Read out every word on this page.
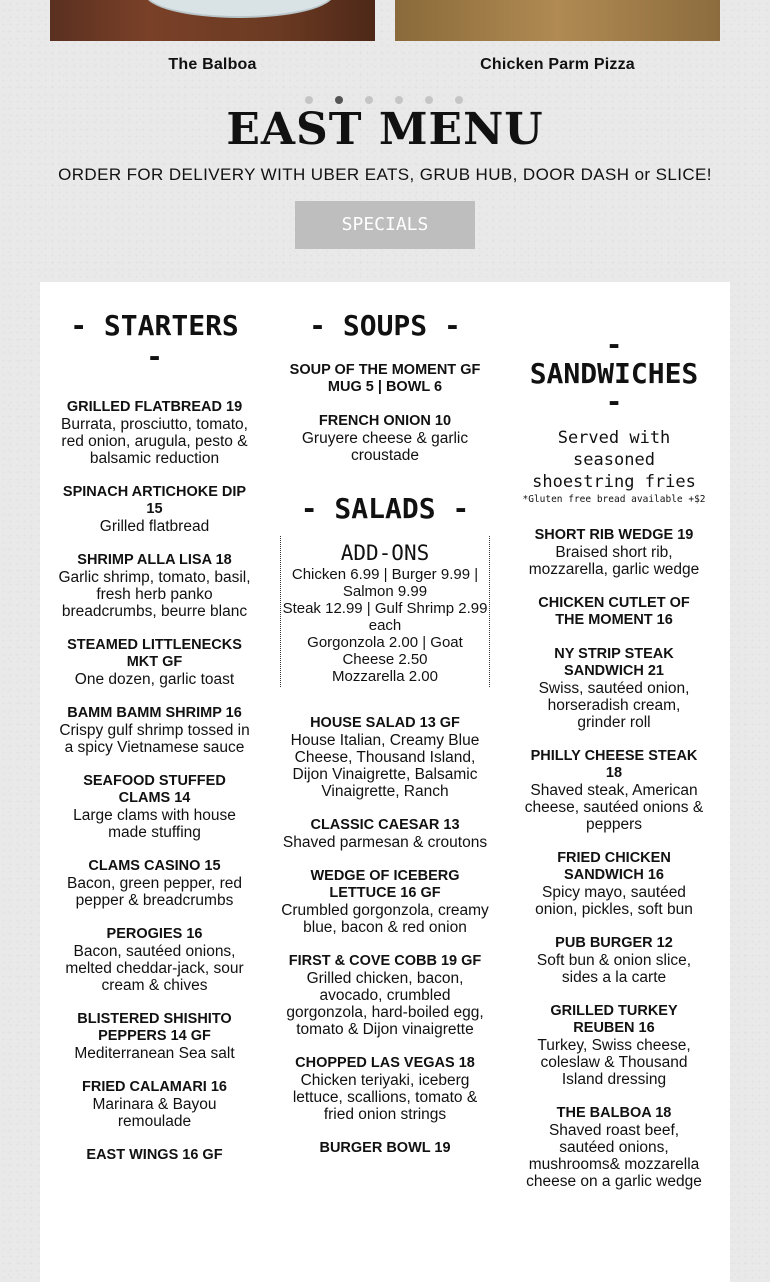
The Balboa	Chicken Parm Pizza
EAST MENU
ORDER FOR DELIVERY WITH UBER EATS, GRUB HUB, DOOR DASH or SLICE!
SPECIALS
- STARTERS
-
GRILLED FLATBREAD 19
Burrata, prosciutto, tomato, red onion, arugula, pesto & balsamic reduction
SPINACH ARTICHOKE DIP 15
Grilled flatbread
SHRIMP ALLA LISA 18
Garlic shrimp, tomato, basil, fresh herb panko breadcrumbs, beurre blanc
STEAMED LITTLENECKS MKT GF
One dozen, garlic toast
BAMM BAMM SHRIMP 16
Crispy gulf shrimp tossed in a spicy Vietnamese sauce
SEAFOOD STUFFED CLAMS 14
Large clams with house made stuffing
CLAMS CASINO 15
Bacon, green pepper, red pepper & breadcrumbs
PEROGIES 16
Bacon, sautéed onions, melted cheddar-jack, sour cream & chives
BLISTERED SHISHITO PEPPERS 14 GF
Mediterranean Sea salt
FRIED CALAMARI 16
Marinara & Bayou remoulade
EAST WINGS 16 GF
- SOUPS -
SOUP OF THE MOMENT GF MUG 5 | BOWL 6
FRENCH ONION 10
Gruyere cheese & garlic croustade
- SALADS -
ADD-ONS
Chicken 6.99 | Burger 9.99 | Salmon 9.99
Steak 12.99 | Gulf Shrimp 2.99 each
Gorgonzola 2.00 | Goat Cheese 2.50
Mozzarella 2.00
HOUSE SALAD 13 GF
House Italian, Creamy Blue Cheese, Thousand Island, Dijon Vinaigrette, Balsamic Vinaigrette, Ranch
CLASSIC CAESAR 13
Shaved parmesan & croutons
WEDGE OF ICEBERG LETTUCE 16 GF
Crumbled gorgonzola, creamy blue, bacon & red onion
FIRST & COVE COBB 19 GF
Grilled chicken, bacon, avocado, crumbled gorgonzola, hard-boiled egg, tomato & Dijon vinaigrette
CHOPPED LAS VEGAS 18
Chicken teriyaki, iceberg lettuce, scallions, tomato & fried onion strings
BURGER BOWL 19
-
SANDWICHES
-
Served with seasoned shoestring fries
*Gluten free bread available +$2
SHORT RIB WEDGE 19
Braised short rib, mozzarella, garlic wedge
CHICKEN CUTLET OF THE MOMENT 16
NY STRIP STEAK SANDWICH 21
Swiss, sautéed onion, horseradish cream, grinder roll
PHILLY CHEESE STEAK 18
Shaved steak, American cheese, sautéed onions & peppers
FRIED CHICKEN SANDWICH 16
Spicy mayo, sautéed onion, pickles, soft bun
PUB BURGER 12
Soft bun & onion slice, sides a la carte
GRILLED TURKEY REUBEN 16
Turkey, Swiss cheese, coleslaw & Thousand Island dressing
THE BALBOA 18
Shaved roast beef, sautéed onions, mushrooms& mozzarella cheese on a garlic wedge
